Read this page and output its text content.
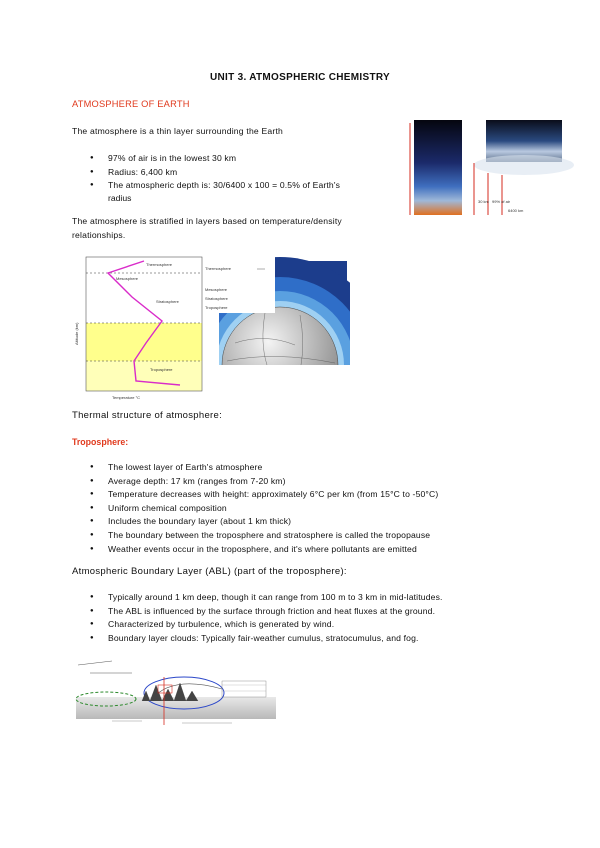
UNIT 3. ATMOSPHERIC CHEMISTRY
ATMOSPHERE OF EARTH
The atmosphere is a thin layer surrounding the Earth
● 97% of air is in the lowest 30 km
● Radius: 6,400 km
● The atmospheric depth is: 30/6400 x 100 = 0.5% of Earth's
radius	30 km 99% of air
6400 km
The atmosphere is stratified in layers based on temperature/density
relationships.
Thermosphere
Mesosphere
Stratosphere
Troposphere
Temperature °C
Altitude (km)
Thermosphere
Mesosphere
Stratosphere
Troposphere
Thermal structure of atmosphere:
Troposphere:
● The lowest layer of Earth's atmosphere
● Average depth: 17 km (ranges from 7-20 km)
● Temperature decreases with height: approximately 6°C per km (from 15°C to -50°C)
● Uniform chemical composition
● Includes the boundary layer (about 1 km thick)
● The boundary between the troposphere and stratosphere is called the tropopause
● Weather events occur in the troposphere, and it's where pollutants are emitted
Atmospheric Boundary Layer (ABL) (part of the troposphere):
● Typically around 1 km deep, though it can range from 100 m to 3 km in mid-latitudes.
● The ABL is influenced by the surface through friction and heat fluxes at the ground.
● Characterized by turbulence, which is generated by wind.
● Boundary layer clouds: Typically fair-weather cumulus, stratocumulus, and fog.
